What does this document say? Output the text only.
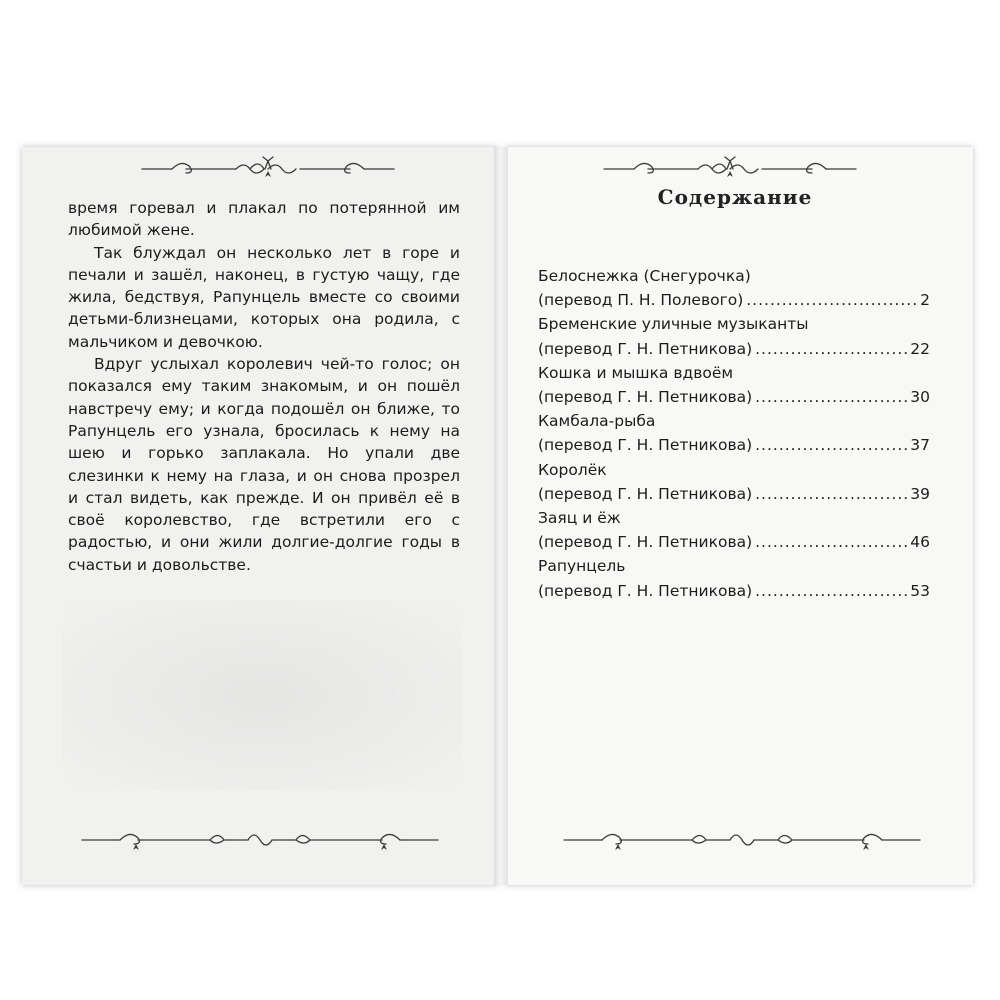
время горевал и плакал по потерянной им любимой жене.

Так блуждал он несколько лет в горе и печали и зашёл, наконец, в густую чащу, где жила, бедствуя, Рапунцель вместе со своими детьми-близнецами, которых она родила, с мальчиком и девочкою.

Вдруг услыхал королевич чей-то голос; он показался ему таким знакомым, и он пошёл навстречу ему; и когда подошёл он ближе, то Рапунцель его узнала, бросилась к нему на шею и горько заплакала. Но упали две слезинки к нему на глаза, и он снова прозрел и стал видеть, как прежде. И он привёл её в своё королевство, где встретили его с радостью, и они жили долгие-долгие годы в счастьи и довольстве.

Содержание
Белоснежка (Снегурочка)
(перевод П. Н. Полевого) .....	2
Бременские уличные музыканты
(перевод Г. Н. Петникова) .....	22
Кошка и мышка вдвоём
(перевод Г. Н. Петникова) .....	30
Камбала-рыба
(перевод Г. Н. Петникова) .....	37
Королёк
(перевод Г. Н. Петникова) .....	39
Заяц и ёж
(перевод Г. Н. Петникова) .....	46
Рапунцель
(перевод Г. Н. Петникова) .....	53
